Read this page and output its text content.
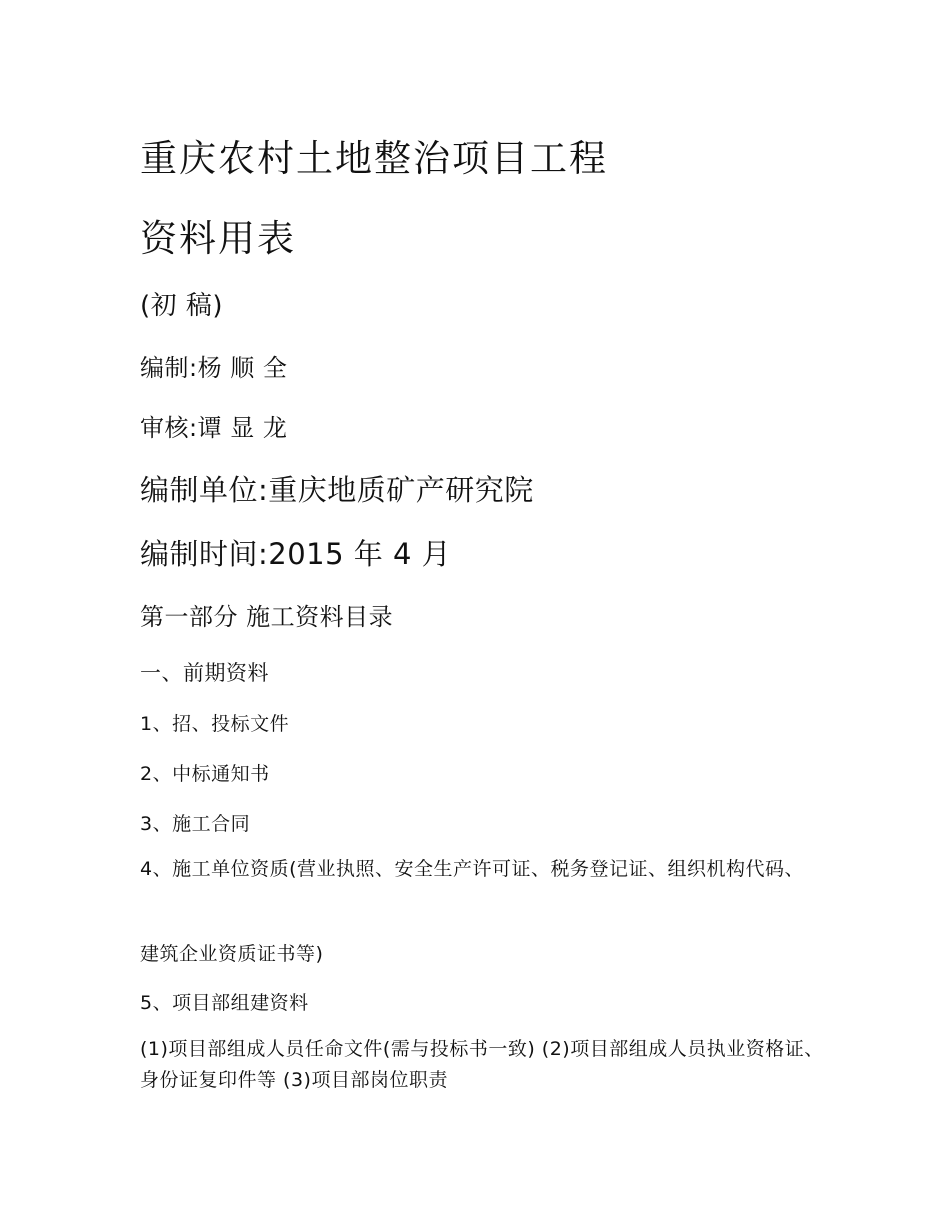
重庆农村土地整治项目工程
资料用表
(初 稿)
编制:杨 顺 全
审核:谭 显 龙
编制单位:重庆地质矿产研究院
编制时间:2015 年 4 月
第一部分 施工资料目录
一、前期资料
1、招、投标文件
2、中标通知书
3、施工合同
4、施工单位资质(营业执照、安全生产许可证、税务登记证、组织机构代码、
建筑企业资质证书等)
5、项目部组建资料
(1)项目部组成人员任命文件(需与投标书一致) (2)项目部组成人员执业资格证、身份证复印件等 (3)项目部岗位职责
